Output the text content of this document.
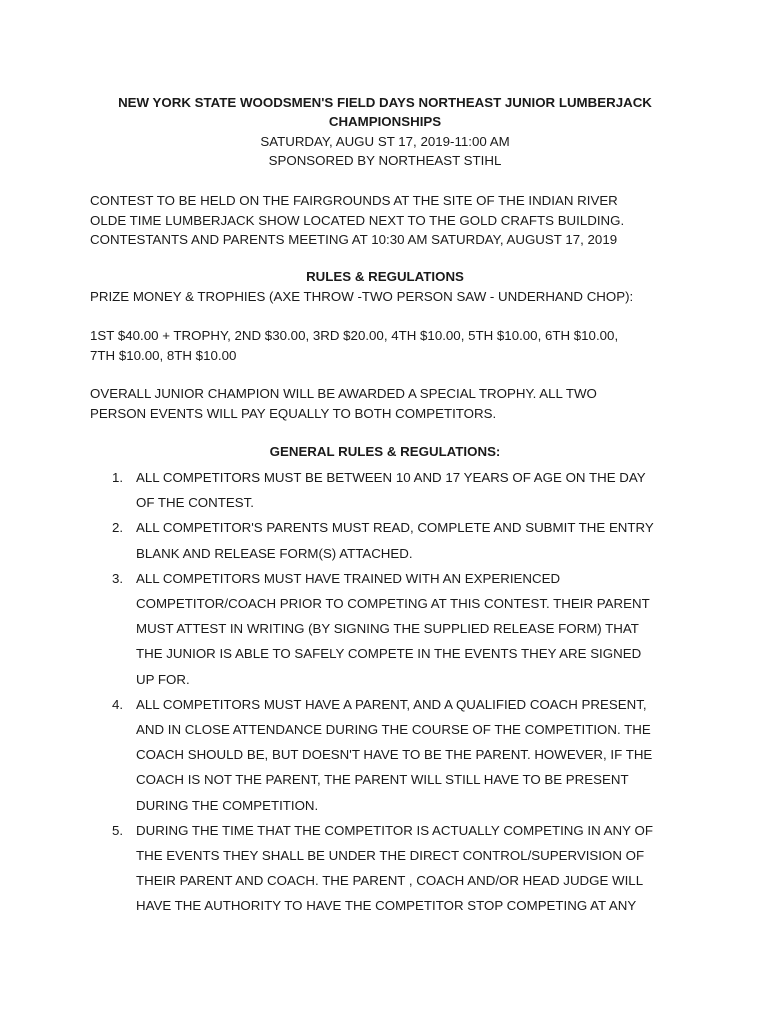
NEW YORK STATE WOODSMEN'S FIELD DAYS NORTHEAST JUNIOR LUMBERJACK
CHAMPIONSHIPS
SATURDAY, AUGU ST 17, 2019-11:00 AM
SPONSORED BY NORTHEAST STIHL
CONTEST TO BE HELD ON THE FAIRGROUNDS AT THE SITE OF THE INDIAN RIVER
OLDE TIME LUMBERJACK SHOW LOCATED NEXT TO THE GOLD CRAFTS BUILDING.
CONTESTANTS AND PARENTS MEETING AT 10:30 AM SATURDAY, AUGUST 17, 2019
RULES & REGULATIONS
PRIZE MONEY & TROPHIES (AXE THROW -TWO PERSON SAW - UNDERHAND CHOP):
1ST $40.00 + TROPHY, 2ND $30.00, 3RD $20.00, 4TH $10.00, 5TH $10.00, 6TH $10.00,
7TH $10.00, 8TH $10.00
OVERALL JUNIOR CHAMPION WILL BE AWARDED A SPECIAL TROPHY. ALL TWO
PERSON EVENTS WILL PAY EQUALLY TO BOTH COMPETITORS.
GENERAL RULES & REGULATIONS:
1. ALL COMPETITORS MUST BE BETWEEN 10 AND 17 YEARS OF AGE ON THE DAY
OF THE CONTEST.
2. ALL COMPETITOR'S PARENTS MUST READ, COMPLETE AND SUBMIT THE ENTRY
BLANK AND RELEASE FORM(S) ATTACHED.
3. ALL COMPETITORS MUST HAVE TRAINED WITH AN EXPERIENCED
COMPETITOR/COACH PRIOR TO COMPETING AT THIS CONTEST. THEIR PARENT
MUST ATTEST IN WRITING (BY SIGNING THE SUPPLIED RELEASE FORM) THAT
THE JUNIOR IS ABLE TO SAFELY COMPETE IN THE EVENTS THEY ARE SIGNED
UP FOR.
4. ALL COMPETITORS MUST HAVE A PARENT, AND A QUALIFIED COACH PRESENT,
AND IN CLOSE ATTENDANCE DURING THE COURSE OF THE COMPETITION. THE
COACH SHOULD BE, BUT DOESN'T HAVE TO BE THE PARENT. HOWEVER, IF THE
COACH IS NOT THE PARENT, THE PARENT WILL STILL HAVE TO BE PRESENT
DURING THE COMPETITION.
5. DURING THE TIME THAT THE COMPETITOR IS ACTUALLY COMPETING IN ANY OF
THE EVENTS THEY SHALL BE UNDER THE DIRECT CONTROL/SUPERVISION OF
THEIR PARENT AND COACH. THE PARENT , COACH AND/OR HEAD JUDGE WILL
HAVE THE AUTHORITY TO HAVE THE COMPETITOR STOP COMPETING AT ANY
